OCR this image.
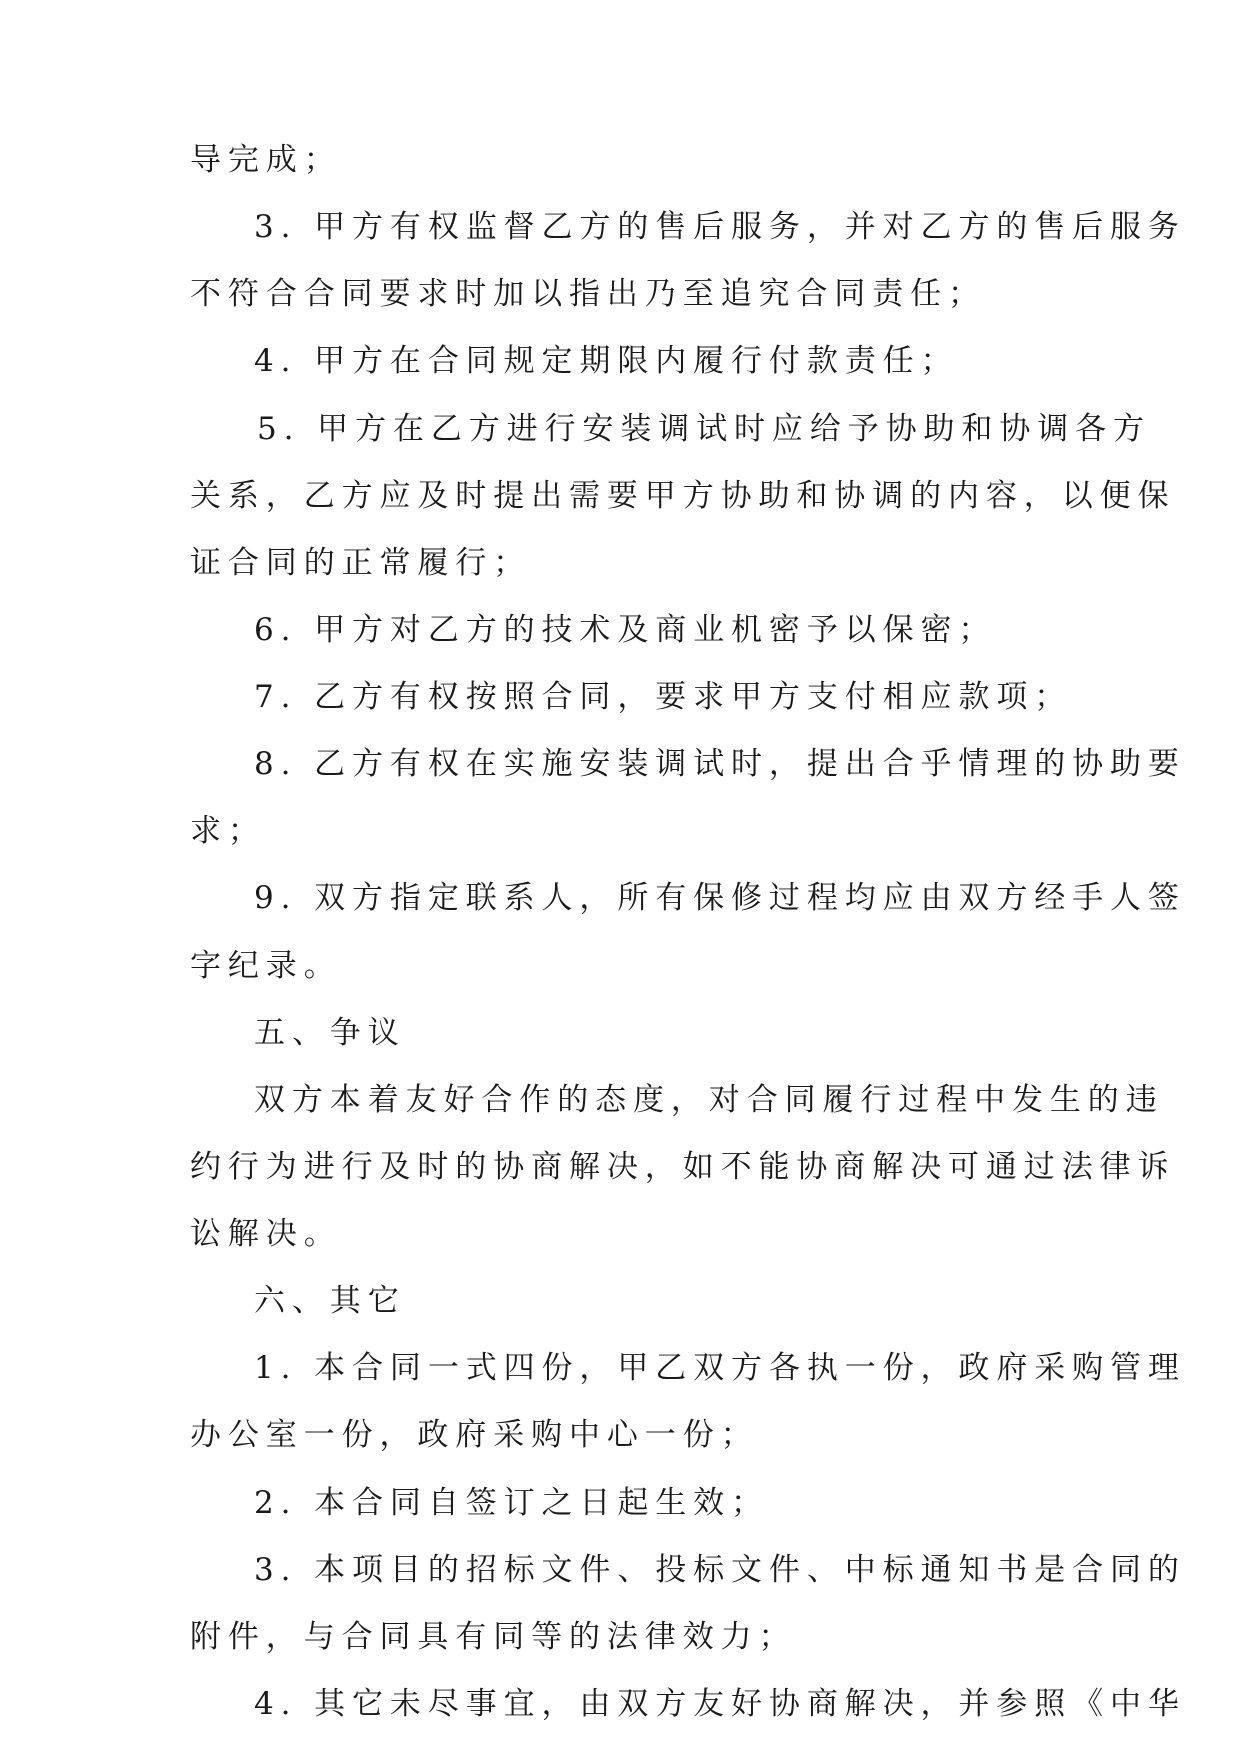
导完成；
3. 甲方有权监督乙方的售后服务，并对乙方的售后服务
不符合合同要求时加以指出乃至追究合同责任；
4. 甲方在合同规定期限内履行付款责任；
5. 甲方在乙方进行安装调试时应给予协助和协调各方
关系，乙方应及时提出需要甲方协助和协调的内容，以便保
证合同的正常履行；
6. 甲方对乙方的技术及商业机密予以保密；
7. 乙方有权按照合同，要求甲方支付相应款项；
8. 乙方有权在实施安装调试时，提出合乎情理的协助要
求；
9. 双方指定联系人，所有保修过程均应由双方经手人签
字纪录。
五、争议
双方本着友好合作的态度，对合同履行过程中发生的违
约行为进行及时的协商解决，如不能协商解决可通过法律诉
讼解决。
六、其它
1. 本合同一式四份，甲乙双方各执一份，政府采购管理
办公室一份，政府采购中心一份；
2. 本合同自签订之日起生效；
3. 本项目的招标文件、投标文件、中标通知书是合同的
附件，与合同具有同等的法律效力；
4. 其它未尽事宜，由双方友好协商解决，并参照《中华
